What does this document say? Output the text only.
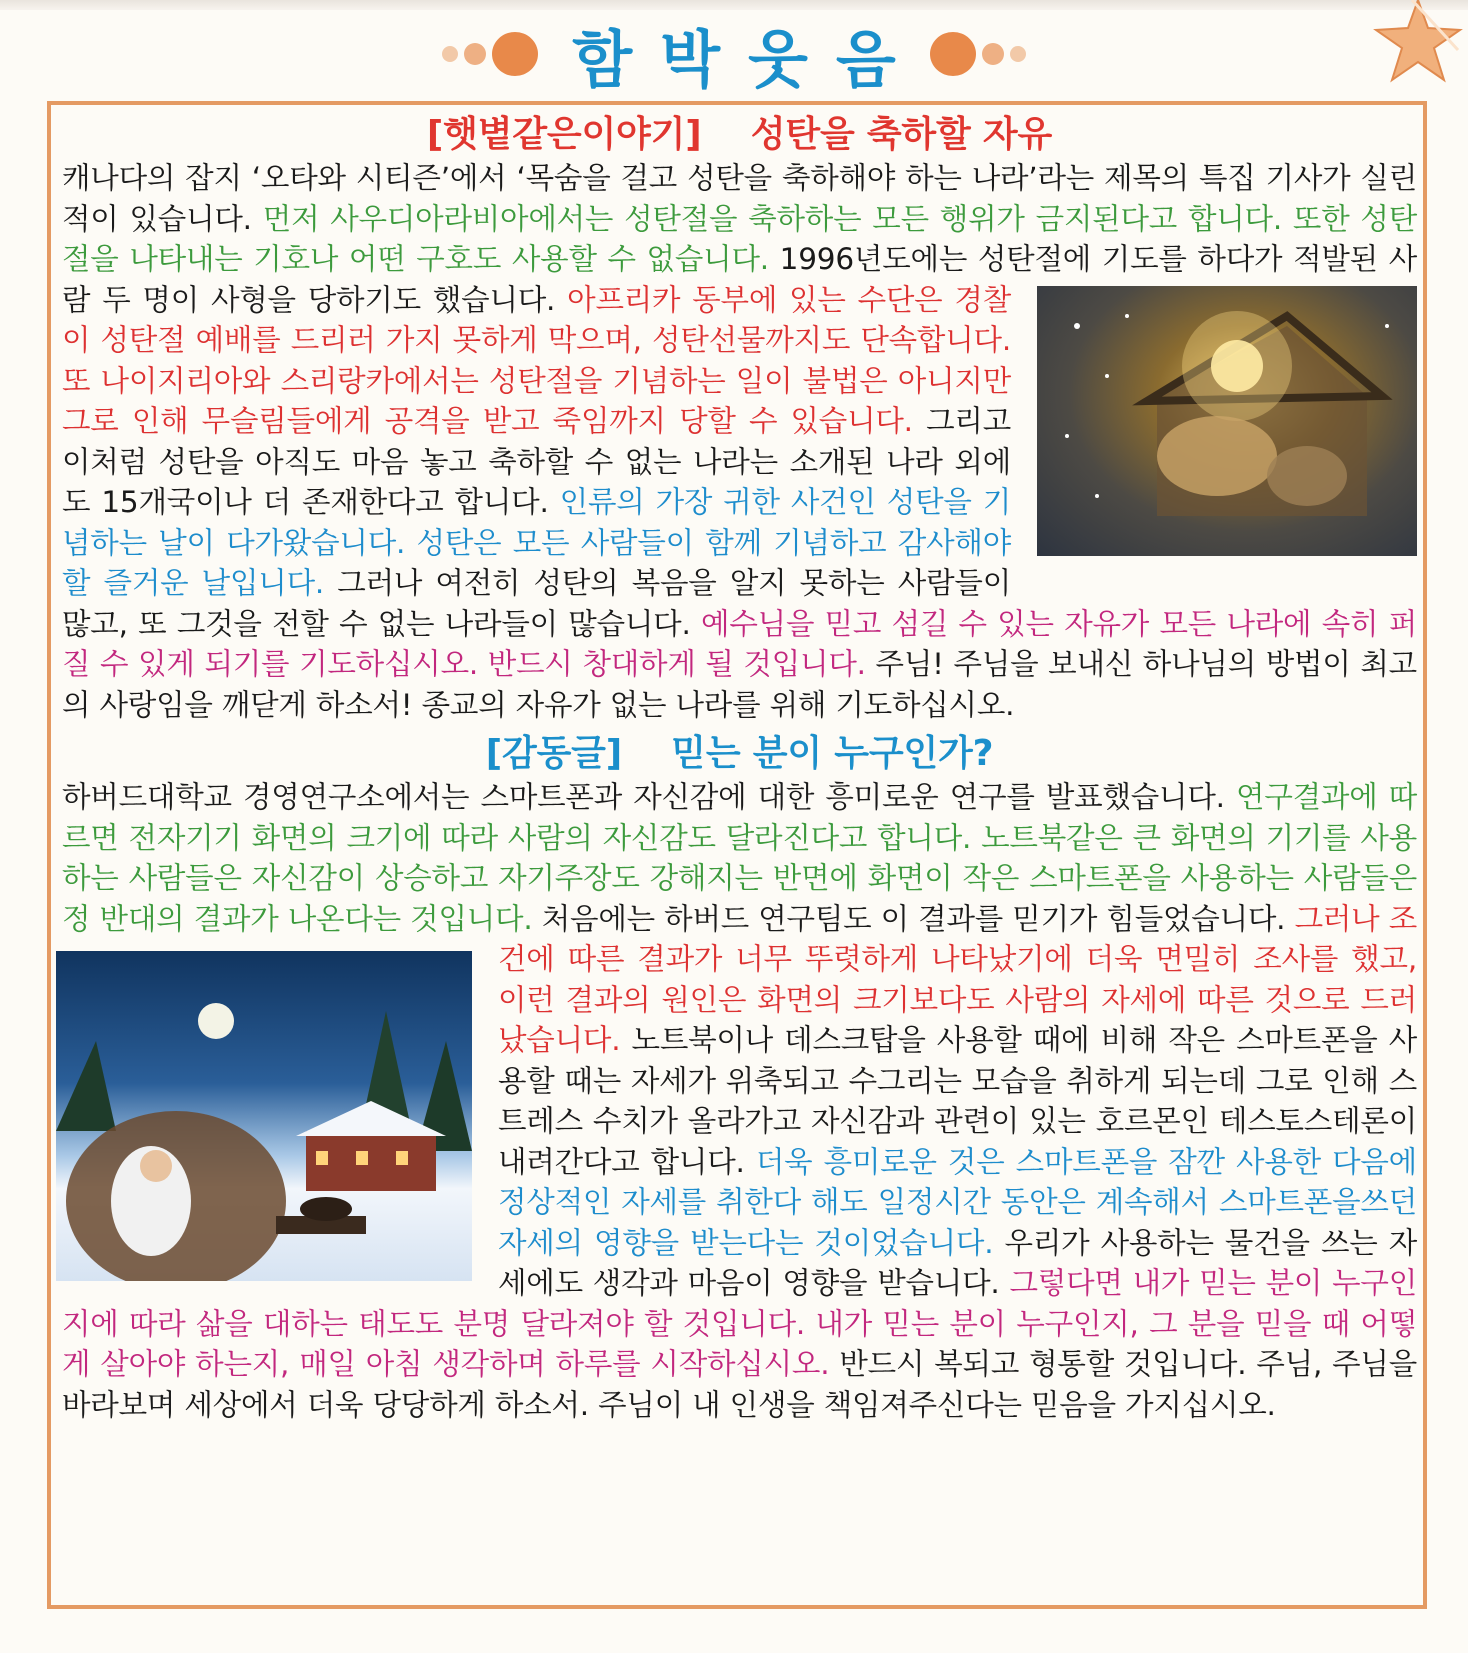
함박웃음
[햇볕같은이야기]    성탄을 축하할 자유

캐나다의 잡지 ‘오타와 시티즌’에서 ‘목숨을 걸고 성탄을 축하해야 하는 나라’라는 제목의 특집 기사가 실린 적이 있습니다. 먼저 사우디아라비아에서는 성탄절을 축하하는 모든 행위가 금지된다고 합니다. 또한 성탄절을 나타내는 기호나 어떤 구호도 사용할 수 없습니다. 1996년도에는 성탄절에 기도를 하다가 적발된 사람 두 명이 사형을 당하기도 했습니다.
아프리카 동부에 있는 수단은 경찰이 성탄절 예배를 드리러 가지 못하게 막으며, 성탄선물까지도 단속합니다. 또 나이지리아와 스리랑카에서는 성탄절을 기념하는 일이 불법은 아니지만 그로 인해 무슬림들에게 공격을 받고 죽임까지 당할 수 있습니다. 그리고 이처럼 성탄을 아직도 마음 놓고 축하할 수 없는 나라는 소개된 나라 외에도 15개국이나 더 존재한다고 합니다. 인류의 가장 귀한 사건인 성탄을 기념하는 날이 다가왔습니다. 성탄은 모든 사람들이 함께 기념하고 감사해야할 즐거운 날입니다. 그러나 여전히 성탄의 복음을 알지 못하는 사람들이 많고, 또 그것을 전할 수 없는 나라들이 많습니다. 예수님을 믿고 섬길 수 있는 자유가 모든 나라에 속히 퍼질 수 있게 되기를 기도하십시오. 반드시 창대하게 될 것입니다. 주님! 주님을 보내신 하나님의 방법이 최고의 사랑임을 깨닫게 하소서! 종교의 자유가 없는 나라를 위해 기도하십시오.

[감동글]    믿는 분이 누구인가?

하버드대학교 경영연구소에서는 스마트폰과 자신감에 대한 흥미로운 연구를 발표했습니다. 연구결과에 따르면 전자기기 화면의 크기에 따라 사람의 자신감도 달라진다고 합니다. 노트북같은 큰 화면의 기기를 사용하는 사람들은 자신감이 상승하고 자기주장도 강해지는 반면에 화면이 작은 스마트폰을 사용하는 사람들은 정 반대의 결과가 나온다는 것입니다. 처음에는 하버드 연구팀도 이 결과를 믿기가 힘들었습니다.
그러나 조건에 따른 결과가 너무 뚜렷하게 나타났기에 더욱 면밀히 조사를 했고, 이런 결과의 원인은 화면의 크기보다도 사람의 자세에 따른 것으로 드러났습니다. 노트북이나 데스크탑을 사용할 때에 비해 작은 스마트폰을 사용할 때는 자세가 위축되고 수그리는 모습을 취하게 되는데 그로 인해 스트레스 수치가 올라가고 자신감과 관련이 있는 호르몬인 테스토스테론이 내려간다고 합니다. 더욱 흥미로운 것은 스마트폰을 잠깐 사용한 다음에 정상적인 자세를 취한다 해도 일정시간 동안은 계속해서 스마트폰을쓰던 자세의 영향을 받는다는 것이었습니다. 우리가 사용하는 물건을 쓰는 자세에도 생각과 마음이 영향을 받습니다. 그렇다면 내가 믿는 분이 누구인지에 따라 삶을 대하는 태도도 분명 달라져야 할 것입니다. 내가 믿는 분이 누구인지, 그 분을 믿을 때 어떻게 살아야 하는지, 매일 아침 생각하며 하루를 시작하십시오. 반드시 복되고 형통할 것입니다. 주님, 주님을 바라보며 세상에서 더욱 당당하게 하소서. 주님이 내 인생을 책임져주신다는 믿음을 가지십시오.
